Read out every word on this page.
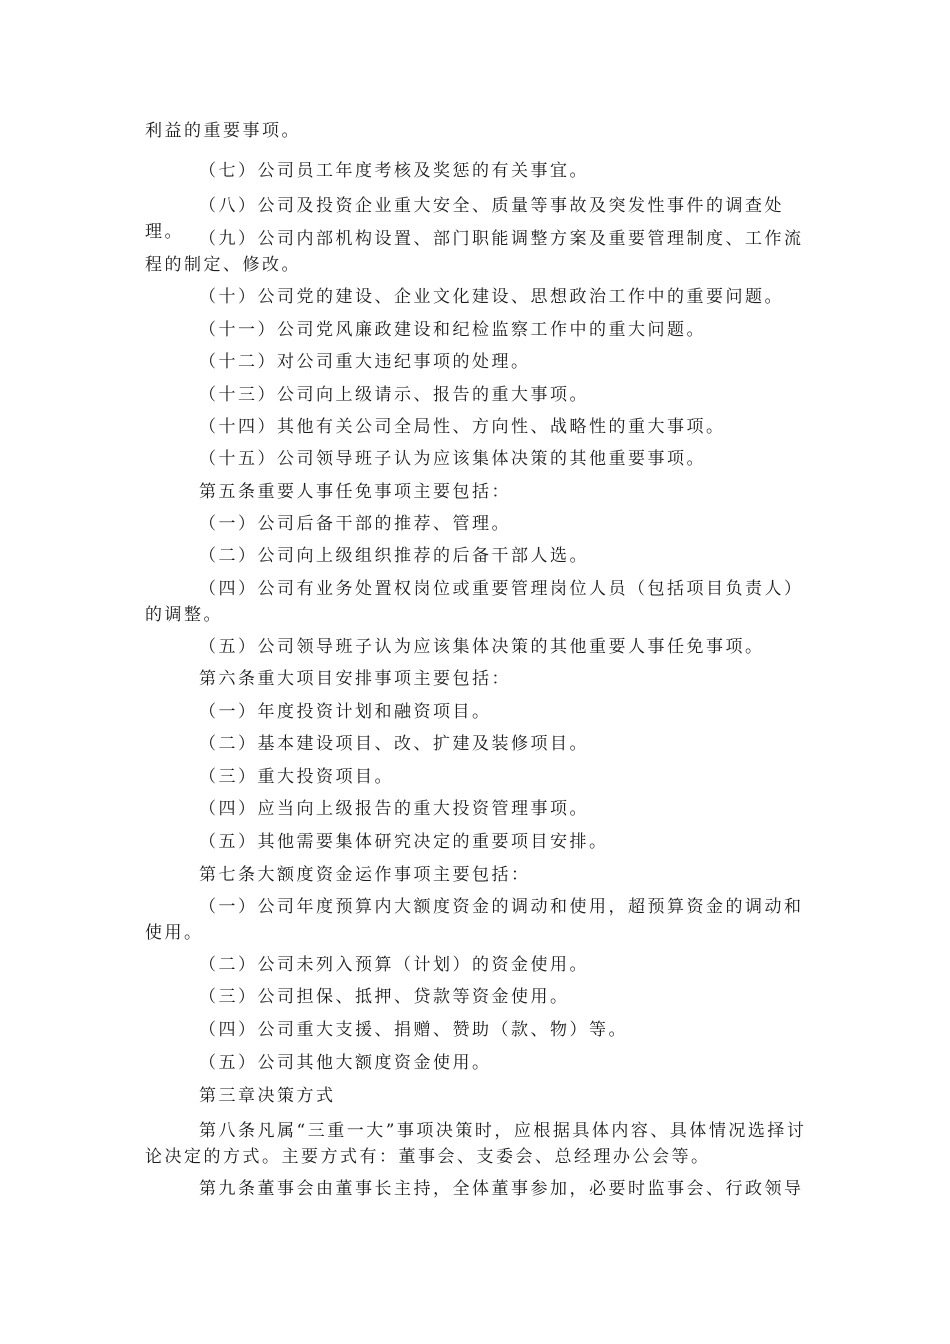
利益的重要事项。

（七）公司员工年度考核及奖惩的有关事宜。

（八）公司及投资企业重大安全、质量等事故及突发性事件的调查处理。 （九）公司内部机构设置、部门职能调整方案及重要管理制度、工作流程的制定、修改。

（十）公司党的建设、企业文化建设、思想政治工作中的重要问题。

（十一）公司党风廉政建设和纪检监察工作中的重大问题。

（十二）对公司重大违纪事项的处理。

（十三）公司向上级请示、报告的重大事项。

（十四）其他有关公司全局性、方向性、战略性的重大事项。

（十五）公司领导班子认为应该集体决策的其他重要事项。

第五条重要人事任免事项主要包括：

（一）公司后备干部的推荐、管理。

（二）公司向上级组织推荐的后备干部人选。

（四）公司有业务处置权岗位或重要管理岗位人员（包括项目负责人）的调整。

（五）公司领导班子认为应该集体决策的其他重要人事任免事项。

第六条重大项目安排事项主要包括：

（一）年度投资计划和融资项目。

（二）基本建设项目、改、扩建及装修项目。

（三）重大投资项目。

（四）应当向上级报告的重大投资管理事项。

（五）其他需要集体研究决定的重要项目安排。

第七条大额度资金运作事项主要包括：

（一）公司年度预算内大额度资金的调动和使用，超预算资金的调动和使用。

（二）公司未列入预算（计划）的资金使用。

（三）公司担保、抵押、贷款等资金使用。

（四）公司重大支援、捐赠、赞助（款、物）等。

（五）公司其他大额度资金使用。

第三章决策方式

第八条凡属“三重一大”事项决策时，应根据具体内容、具体情况选择讨论决定的方式。主要方式有：董事会、支委会、总经理办公会等。

第九条董事会由董事长主持，全体董事参加，必要时监事会、行政领导
